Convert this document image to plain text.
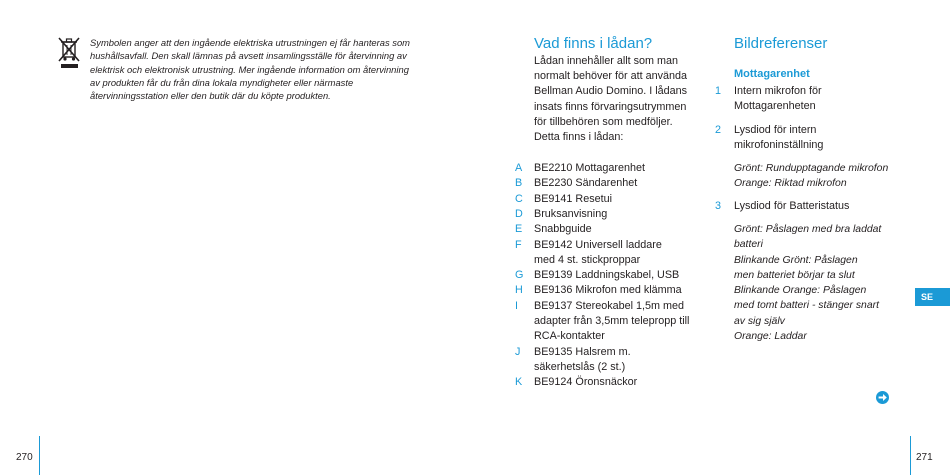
Symbolen anger att den ingående elektriska utrustningen ej får hanteras som hushållsavfall. Den skall lämnas på avsett insamlingsställe för återvinning av elektrisk och elektronisk utrustning. Mer ingående information om återvinning av produkten får du från dina lokala myndigheter eller närmaste återvinningsstation eller den butik där du köpte produkten.
270
Vad finns i lådan?
Lådan innehåller allt som man normalt behöver för att använda Bellman Audio Domino. I lådans insats finns förvaringsutrymmen för tillbehören som medföljer. Detta finns i lådan:
A	BE2210 Mottagarenhet
B	BE2230 Sändarenhet
C	BE9141 Resetui
D	Bruksanvisning
E	Snabbguide
F	BE9142 Universell laddare med 4 st. stickproppar
G BE9139 Laddningskabel, USB
H	BE9136 Mikrofon med klämma
I	BE9137 Stereokabel 1,5m med adapter från 3,5mm telepropp till RCA-kontakter
J	BE9135 Halsrem m. säkerhetslås (2 st.)
K	BE9124 Öronsnäckor
Bildreferenser
Mottagarenhet
1	Intern mikrofon för Mottagarenheten
2	Lysdiod för intern mikrofoninställning
Grönt: Rundupptagande mikrofon
Orange: Riktad mikrofon
3	Lysdiod för Batteristatus
Grönt: Påslagen med bra laddat batteri
Blinkande Grönt: Påslagen men batteriet börjar ta slut
Blinkande Orange: Påslagen med tomt batteri - stänger snart av sig själv
Orange: Laddar
SE
271
